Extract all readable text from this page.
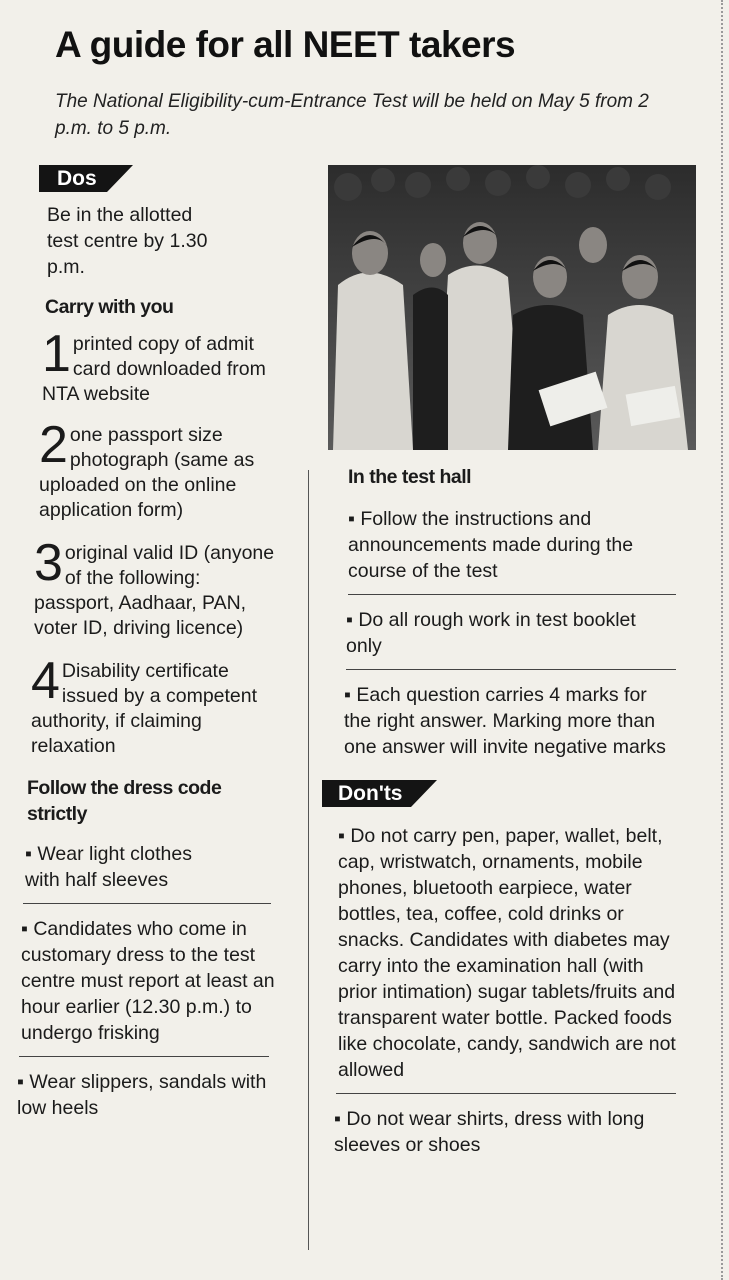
A guide for all NEET takers
The National Eligibility-cum-Entrance Test will be held on May 5 from 2 p.m. to 5 p.m.
Dos
Be in the allotted test centre by 1.30 p.m.
Carry with you
1 printed copy of admit card downloaded from NTA website
2 one passport size photograph (same as uploaded on the online application form)
3 original valid ID (anyone of the following: passport, Aadhaar, PAN, voter ID, driving licence)
4 Disability certificate issued by a competent authority, if claiming relaxation
Follow the dress code strictly
▪ Wear light clothes with half sleeves
▪ Candidates who come in customary dress to the test centre must report at least an hour earlier (12.30 p.m.) to undergo frisking
▪ Wear slippers, sandals with low heels
In the test hall
▪ Follow the instructions and announcements made during the course of the test
▪ Do all rough work in test booklet only
▪ Each question carries 4 marks for the right answer. Marking more than one answer will invite negative marks
Don'ts
▪ Do not carry pen, paper, wallet, belt, cap, wristwatch, ornaments, mobile phones, bluetooth earpiece, water bottles, tea, coffee, cold drinks or snacks. Candidates with diabetes may carry into the examination hall (with prior intimation) sugar tablets/fruits and transparent water bottle. Packed foods like chocolate, candy, sandwich are not allowed
▪ Do not wear shirts, dress with long sleeves or shoes
